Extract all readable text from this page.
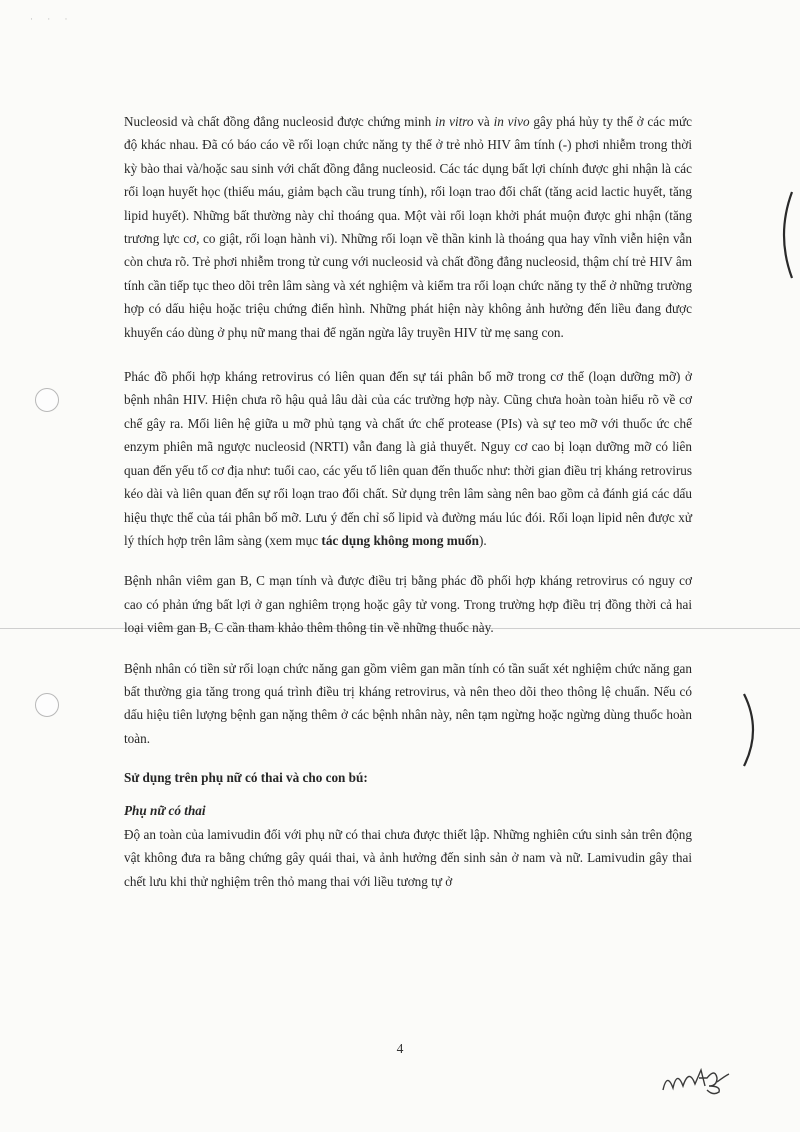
· · ·

Nucleosid và chất đồng đẳng nucleosid được chứng minh in vitro và in vivo gây phá hủy ty thể ở các mức độ khác nhau. Đã có báo cáo về rối loạn chức năng ty thể ở trẻ nhỏ HIV âm tính (-) phơi nhiễm trong thời kỳ bào thai và/hoặc sau sinh với chất đồng đẳng nucleosid. Các tác dụng bất lợi chính được ghi nhận là các rối loạn huyết học (thiếu máu, giảm bạch cầu trung tính), rối loạn trao đổi chất (tăng acid lactic huyết, tăng lipid huyết). Những bất thường này chỉ thoáng qua. Một vài rối loạn khởi phát muộn được ghi nhận (tăng trương lực cơ, co giật, rối loạn hành vi). Những rối loạn về thần kinh là thoáng qua hay vĩnh viễn hiện vẫn còn chưa rõ. Trẻ phơi nhiễm trong tử cung với nucleosid và chất đồng đẳng nucleosid, thậm chí trẻ HIV âm tính cần tiếp tục theo dõi trên lâm sàng và xét nghiệm và kiểm tra rối loạn chức năng ty thể ở những trường hợp có dấu hiệu hoặc triệu chứng điển hình. Những phát hiện này không ảnh hưởng đến liều đang được khuyến cáo dùng ở phụ nữ mang thai để ngăn ngừa lây truyền HIV từ mẹ sang con.

Phác đồ phối hợp kháng retrovirus có liên quan đến sự tái phân bố mỡ trong cơ thể (loạn dưỡng mỡ) ở bệnh nhân HIV. Hiện chưa rõ hậu quả lâu dài của các trường hợp này. Cũng chưa hoàn toàn hiểu rõ về cơ chế gây ra. Mối liên hệ giữa u mỡ phủ tạng và chất ức chế protease (PIs) và sự teo mỡ với thuốc ức chế enzym phiên mã ngược nucleosid (NRTI) vẫn đang là giả thuyết. Nguy cơ cao bị loạn dưỡng mỡ có liên quan đến yếu tố cơ địa như: tuổi cao, các yếu tố liên quan đến thuốc như: thời gian điều trị kháng retrovirus kéo dài và liên quan đến sự rối loạn trao đổi chất. Sử dụng trên lâm sàng nên bao gồm cả đánh giá các dấu hiệu thực thể của tái phân bố mỡ. Lưu ý đến chỉ số lipid và đường máu lúc đói. Rối loạn lipid nên được xử lý thích hợp trên lâm sàng (xem mục tác dụng không mong muốn).

Bệnh nhân viêm gan B, C mạn tính và được điều trị bằng phác đồ phối hợp kháng retrovirus có nguy cơ cao có phản ứng bất lợi ở gan nghiêm trọng hoặc gây tử vong. Trong trường hợp điều trị đồng thời cả hai loại viêm gan B, C cần tham khảo thêm thông tin về những thuốc này.

Bệnh nhân có tiền sử rối loạn chức năng gan gồm viêm gan mãn tính có tần suất xét nghiệm chức năng gan bất thường gia tăng trong quá trình điều trị kháng retrovirus, và nên theo dõi theo thông lệ chuẩn. Nếu có dấu hiệu tiên lượng bệnh gan nặng thêm ở các bệnh nhân này, nên tạm ngừng hoặc ngừng dùng thuốc hoàn toàn.

Sử dụng trên phụ nữ có thai và cho con bú:

Phụ nữ có thai

Độ an toàn của lamivudin đối với phụ nữ có thai chưa được thiết lập. Những nghiên cứu sinh sản trên động vật không đưa ra bằng chứng gây quái thai, và ảnh hưởng đến sinh sản ở nam và nữ. Lamivudin gây thai chết lưu khi thử nghiệm trên thỏ mang thai với liều tương tự ở

4
